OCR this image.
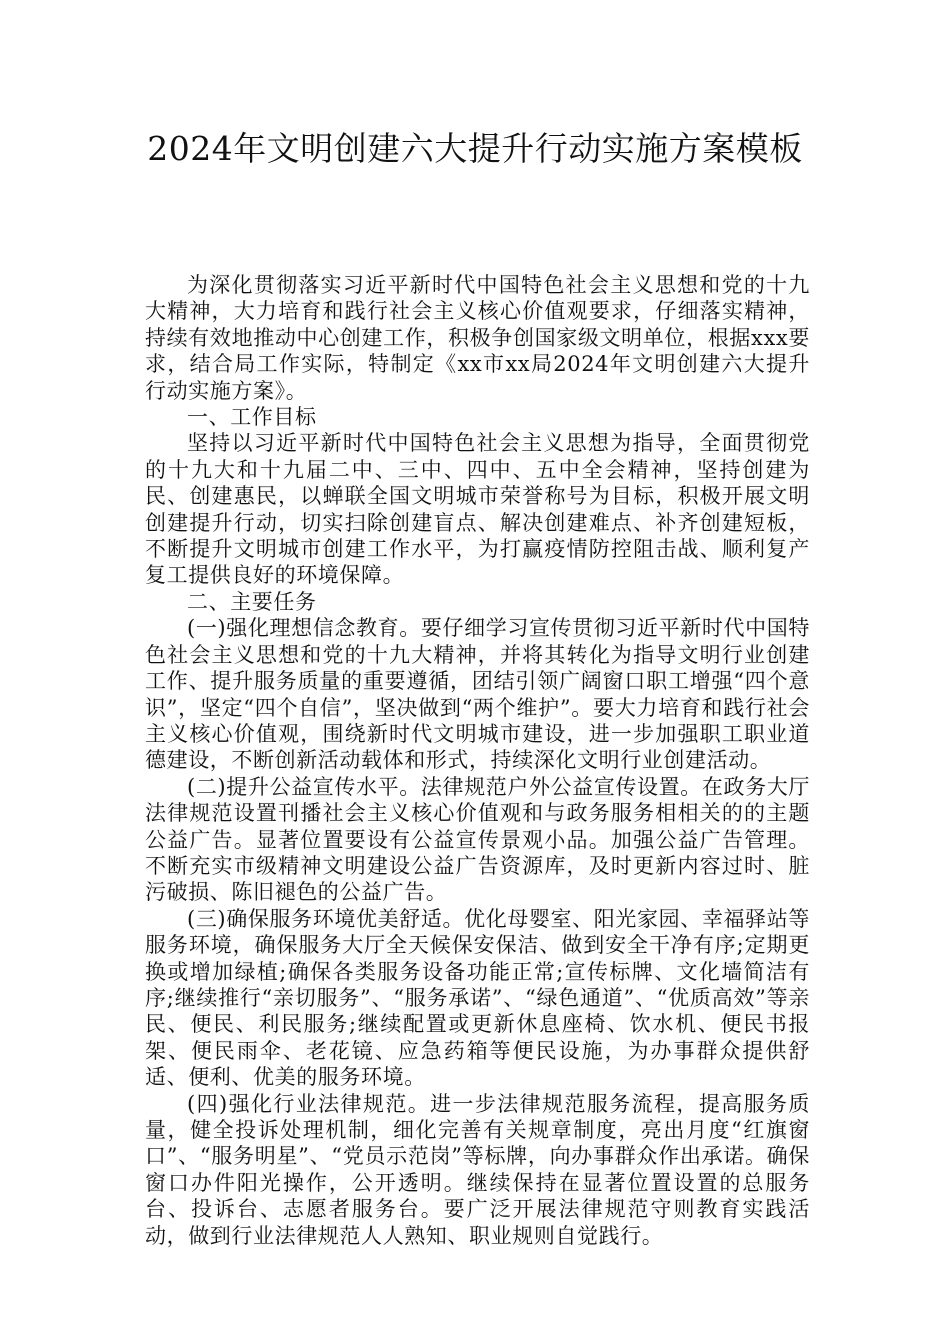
2024年文明创建六大提升行动实施方案模板

为深化贯彻落实习近平新时代中国特色社会主义思想和党的十九大精神，大力培育和践行社会主义核心价值观要求，仔细落实精神，持续有效地推动中心创建工作，积极争创国家级文明单位，根据xxx要求，结合局工作实际，特制定《xx市xx局2024年文明创建六大提升行动实施方案》。

一、工作目标

坚持以习近平新时代中国特色社会主义思想为指导，全面贯彻党的十九大和十九届二中、三中、四中、五中全会精神，坚持创建为民、创建惠民，以蝉联全国文明城市荣誉称号为目标，积极开展文明创建提升行动，切实扫除创建盲点、解决创建难点、补齐创建短板，不断提升文明城市创建工作水平，为打赢疫情防控阻击战、顺利复产复工提供良好的环境保障。

二、主要任务

(一)强化理想信念教育。要仔细学习宣传贯彻习近平新时代中国特色社会主义思想和党的十九大精神，并将其转化为指导文明行业创建工作、提升服务质量的重要遵循，团结引领广阔窗口职工增强“四个意识”，坚定“四个自信”，坚决做到“两个维护”。要大力培育和践行社会主义核心价值观，围绕新时代文明城市建设，进一步加强职工职业道德建设，不断创新活动载体和形式，持续深化文明行业创建活动。

(二)提升公益宣传水平。法律规范户外公益宣传设置。在政务大厅法律规范设置刊播社会主义核心价值观和与政务服务相相关的的主题公益广告。显著位置要设有公益宣传景观小品。加强公益广告管理。不断充实市级精神文明建设公益广告资源库，及时更新内容过时、脏污破损、陈旧褪色的公益广告。

(三)确保服务环境优美舒适。优化母婴室、阳光家园、幸福驿站等服务环境，确保服务大厅全天候保安保洁、做到安全干净有序;定期更换或增加绿植;确保各类服务设备功能正常;宣传标牌、文化墙简洁有序;继续推行“亲切服务”、“服务承诺”、“绿色通道”、“优质高效”等亲民、便民、利民服务;继续配置或更新休息座椅、饮水机、便民书报架、便民雨伞、老花镜、应急药箱等便民设施，为办事群众提供舒适、便利、优美的服务环境。

(四)强化行业法律规范。进一步法律规范服务流程，提高服务质量，健全投诉处理机制，细化完善有关规章制度，亮出月度“红旗窗口”、“服务明星”、“党员示范岗”等标牌，向办事群众作出承诺。确保窗口办件阳光操作，公开透明。继续保持在显著位置设置的总服务台、投诉台、志愿者服务台。要广泛开展法律规范守则教育实践活动，做到行业法律规范人人熟知、职业规则自觉践行。
